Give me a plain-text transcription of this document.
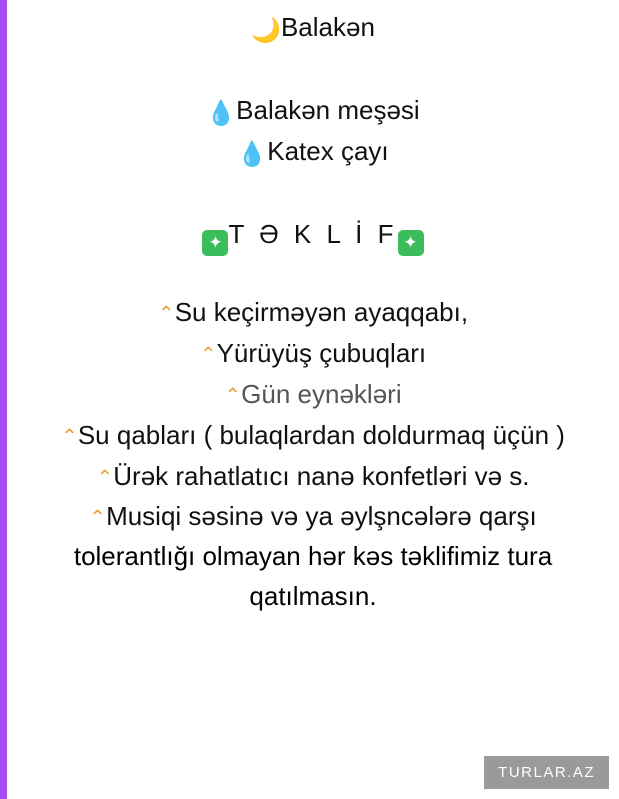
🌙Balakən
💧Balakən meşəsi
💧Katex çayı
✦ T Ə K L İ F ✦
⌃Su keçirməyən ayaqqabı,
⌃Yürüyüş çubuqları
⌃Gün eynəkləri
⌃Su qabları ( bulaqlardan doldurmaq üçün )
⌃Ürək rahatlatıcı nanə konfetləri və s.
⌃Musiqi səsinə və ya əylşncələrə qarşı
tolerantlığı olmayan hər kəs təklifimiz tura qatılmasın.
TURLAR.AZ
